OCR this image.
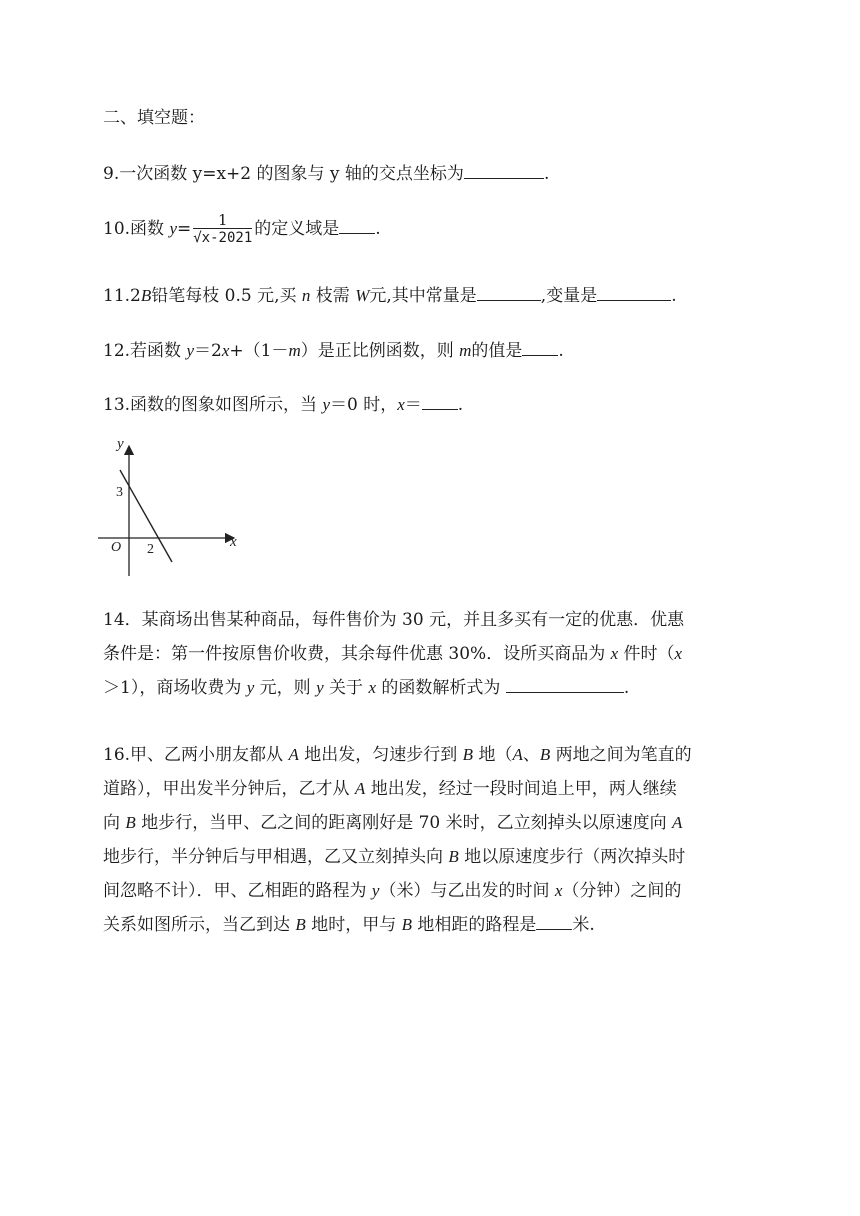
二、填空题：
9.一次函数 y=x+2 的图象与 y 轴的交点坐标为	.
10.函数 $y= \frac{1}{√x-2021}$ 的定义域是 .
11.2B铅笔每枝 0.5 元,买 n 枝需 W元,其中常量是	,变量是	.
12.若函数 y＝2x+（1－m）是正比例函数，则 m的值是 .
13.函数的图象如图所示，当 y＝0 时，x＝ .
y
x
O
3
2
14．某商场出售某种商品，每件售价为 30 元，并且多买有一定的优惠．优惠
条件是：第一件按原售价收费，其余每件优惠 30%．设所买商品为 x 件时（x
＞1），商场收费为 y 元，则 y 关于 x 的函数解析式为	.
16.甲、乙两小朋友都从 A 地出发，匀速步行到 B 地（A、B 两地之间为笔直的
道路），甲出发半分钟后，乙才从 A 地出发，经过一段时间追上甲，两人继续
向 B 地步行，当甲、乙之间的距离刚好是 70 米时，乙立刻掉头以原速度向 A
地步行，半分钟后与甲相遇，乙又立刻掉头向 B 地以原速度步行（两次掉头时
间忽略不计）．甲、乙相距的路程为 y（米）与乙出发的时间 x（分钟）之间的
关系如图所示，当乙到达 B 地时，甲与 B 地相距的路程是 米.
